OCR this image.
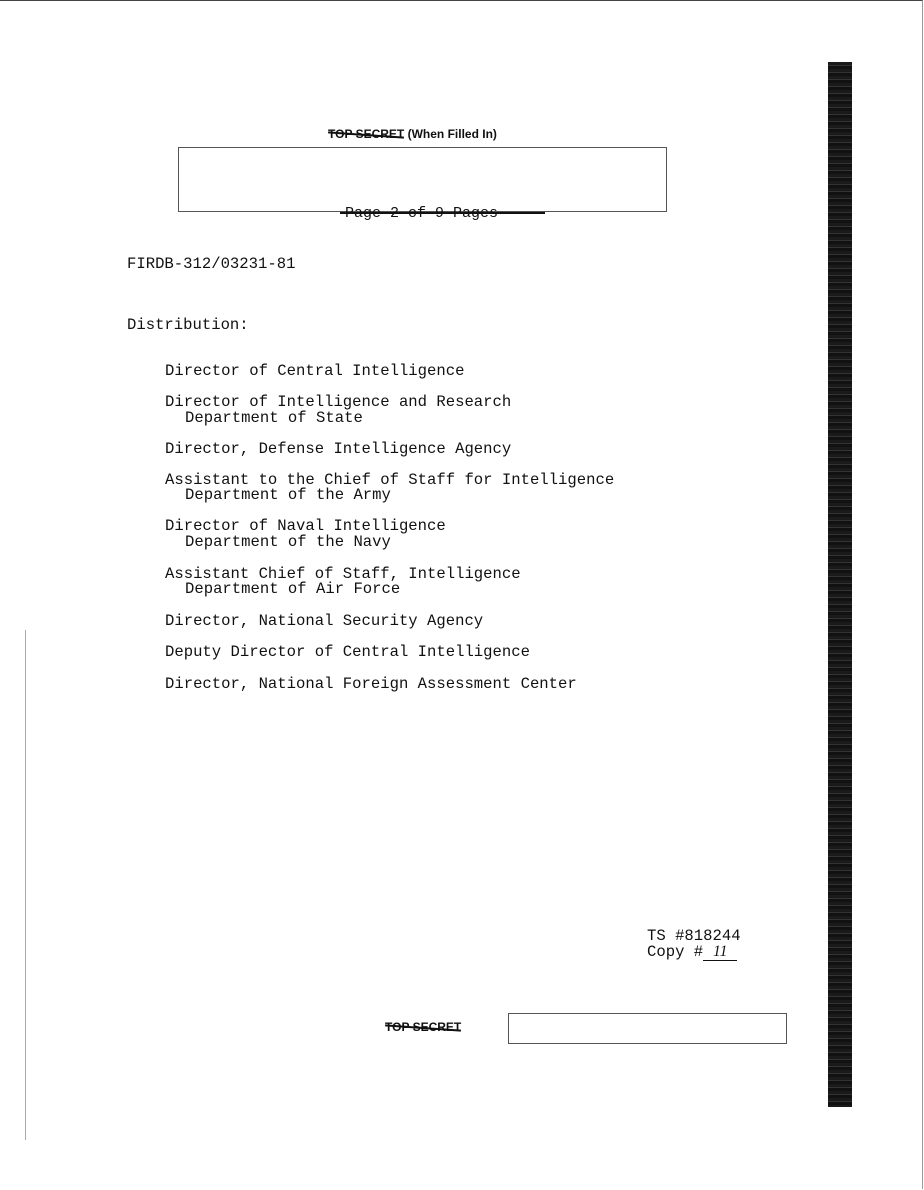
TOP SECRET (When Filled In)
FIRDB-312/03231-81
Distribution:
Director of Central Intelligence
Director of Intelligence and Research
Department of State
Director, Defense Intelligence Agency
Assistant to the Chief of Staff for Intelligence
Department of the Army
Director of Naval Intelligence
Department of the Navy
Assistant Chief of Staff, Intelligence
Department of Air Force
Director, National Security Agency
Deputy Director of Central Intelligence
Director, National Foreign Assessment Center
TS #818244
Copy # 11
TOP SECRET
